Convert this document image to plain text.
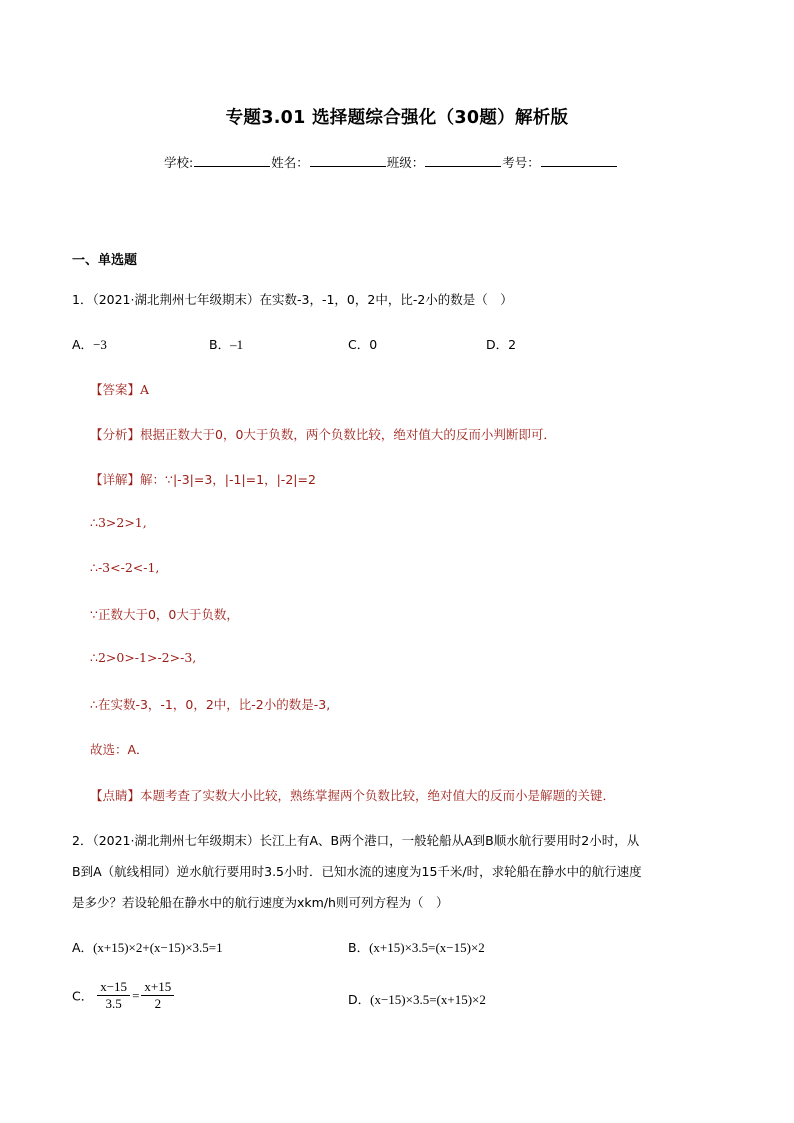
专题3.01 选择题综合强化（30题）解析版
学校:	姓名：	班级：	考号：
一、单选题
1．（2021·湖北荆州七年级期末）在实数-3，-1，0，2中，比-2小的数是（　）
A．−3	B．–1	C．0	D．2
【答案】A
【分析】根据正数大于0，0大于负数，两个负数比较，绝对值大的反而小判断即可．
【详解】解：∵|-3|=3，|-1|=1，|-2|=2
∴3>2>1,
∴-3<-2<-1,
∵正数大于0，0大于负数，
∴2>0>-1>-2>-3,
∴在实数-3，-1，0，2中，比-2小的数是-3,
故选：A．
【点睛】本题考查了实数大小比较，熟练掌握两个负数比较，绝对值大的反而小是解题的关键．
2．（2021·湖北荆州七年级期末）长江上有A、B两个港口，一般轮船从A到B顺水航行要用时2小时，从
B到A（航线相同）逆水航行要用时3.5小时．已知水流的速度为15千米/时，求轮船在静水中的航行速度
是多少？若设轮船在静水中的航行速度为xkm/h则可列方程为（　）
A．(x+15)×2+(x−15)×3.5=1	B．(x+15)×3.5=(x−15)×2
C． $\frac{x-15}{3.5} = \frac{x+15}{2}$	D．(x−15)×3.5=(x+15)×2
